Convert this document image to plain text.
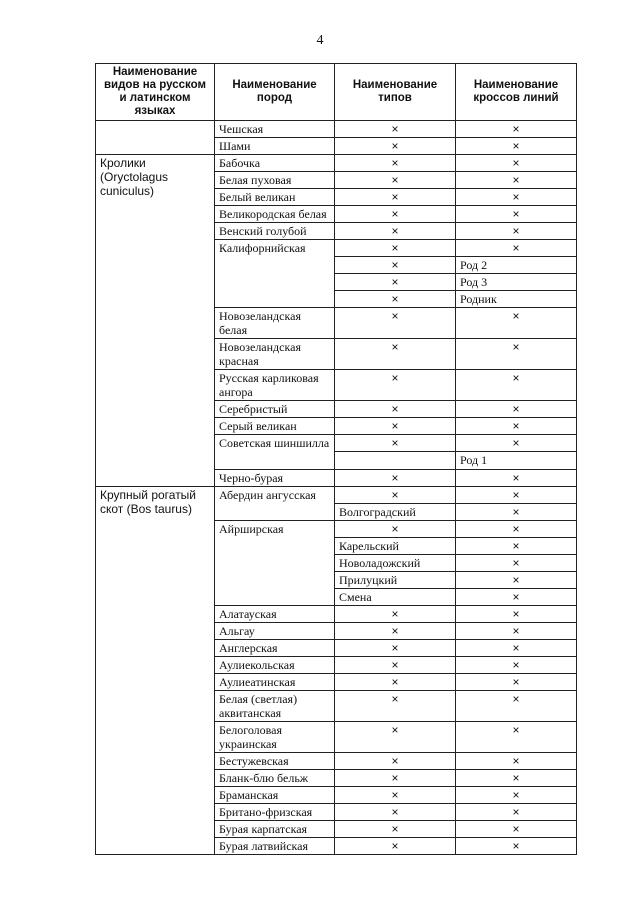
4
Наименование видов на русском и латинском языках	Наименование пород	Наименование типов	Наименование кроссов линий
	Чешская	×	×
	Шами	×	×
Кролики (Oryctolagus cuniculus)	Бабочка	×	×
	Белая пуховая	×	×
	Белый великан	×	×
	Великородская белая	×	×
	Венский голубой	×	×
	Калифорнийская	×	×
		×	Род 2
		×	Род 3
		×	Родник
	Новозеландская белая	×	×
	Новозеландская красная	×	×
	Русская карликовая ангора	×	×
	Серебристый	×	×
	Серый великан	×	×
	Советская шиншилла	×	×
			Род 1
	Черно-бурая	×	×
Крупный рогатый скот (Bos taurus)	Абердин ангусская	×	×
		Волгоградский	×
	Айрширская	×	×
		Карельский	×
		Новоладожский	×
		Прилуцкий	×
		Смена	×
	Алатауская	×	×
	Альгау	×	×
	Англерская	×	×
	Аулиекольская	×	×
	Аулиеатинская	×	×
	Белая (светлая) аквитанская	×	×
	Белоголовая украинская	×	×
	Бестужевская	×	×
	Бланк-блю бельж	×	×
	Браманская	×	×
	Британо-фризская	×	×
	Бурая карпатская	×	×
	Бурая латвийская	×	×
